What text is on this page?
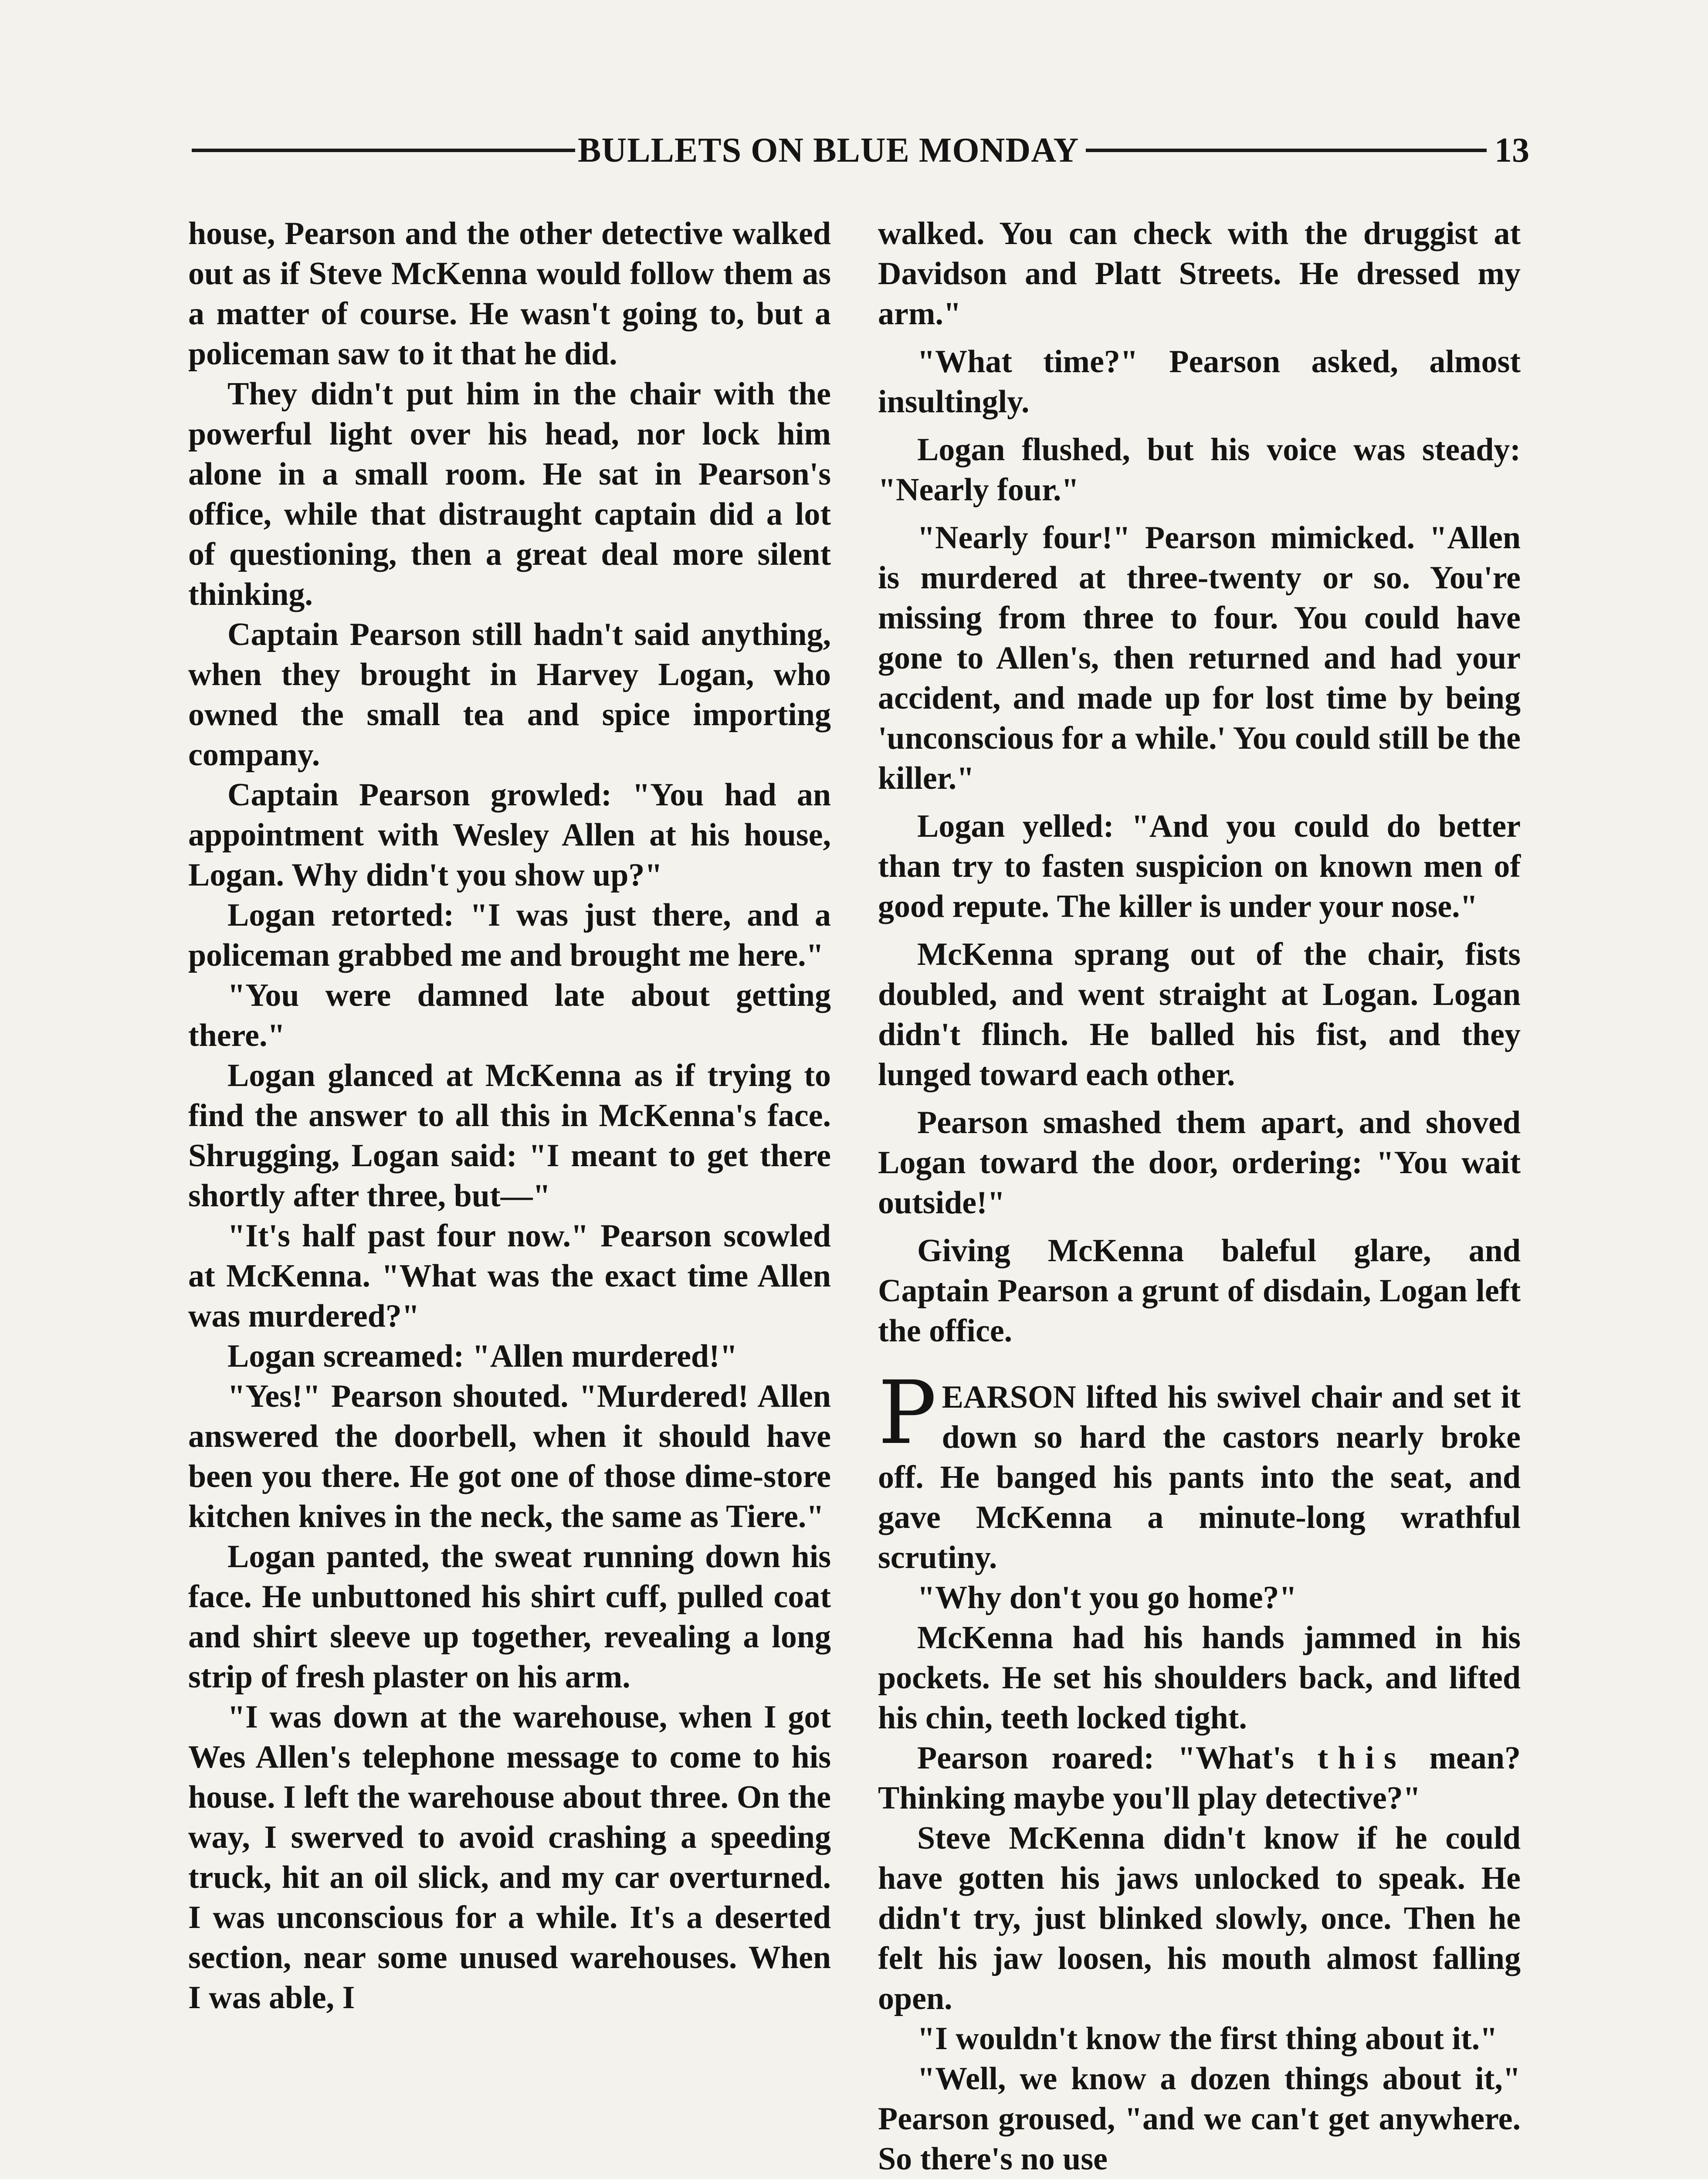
BULLETS ON BLUE MONDAY	13

house, Pearson and the other detective walked out as if Steve McKenna would follow them as a matter of course. He wasn't going to, but a policeman saw to it that he did.

They didn't put him in the chair with the powerful light over his head, nor lock him alone in a small room. He sat in Pearson's office, while that distraught captain did a lot of questioning, then a great deal more silent thinking.

Captain Pearson still hadn't said anything, when they brought in Harvey Logan, who owned the small tea and spice importing company.

Captain Pearson growled: "You had an appointment with Wesley Allen at his house, Logan. Why didn't you show up?"

Logan retorted: "I was just there, and a policeman grabbed me and brought me here."

"You were damned late about getting there."

Logan glanced at McKenna as if trying to find the answer to all this in McKenna's face. Shrugging, Logan said: "I meant to get there shortly after three, but—"

"It's half past four now." Pearson scowled at McKenna. "What was the exact time Allen was murdered?"

Logan screamed: "Allen murdered!"

"Yes!" Pearson shouted. "Murdered! Allen answered the doorbell, when it should have been you there. He got one of those dime-store kitchen knives in the neck, the same as Tiere."

Logan panted, the sweat running down his face. He unbuttoned his shirt cuff, pulled coat and shirt sleeve up together, revealing a long strip of fresh plaster on his arm.

"I was down at the warehouse, when I got Wes Allen's telephone message to come to his house. I left the warehouse about three. On the way, I swerved to avoid crashing a speeding truck, hit an oil slick, and my car overturned. I was unconscious for a while. It's a deserted section, near some unused warehouses. When I was able, I

walked. You can check with the druggist at Davidson and Platt Streets. He dressed my arm."

"What time?" Pearson asked, almost insultingly.

Logan flushed, but his voice was steady: "Nearly four."

"Nearly four!" Pearson mimicked. "Allen is murdered at three-twenty or so. You're missing from three to four. You could have gone to Allen's, then returned and had your accident, and made up for lost time by being 'unconscious for a while.' You could still be the killer."

Logan yelled: "And you could do better than try to fasten suspicion on known men of good repute. The killer is under your nose."

McKenna sprang out of the chair, fists doubled, and went straight at Logan. Logan didn't flinch. He balled his fist, and they lunged toward each other.

Pearson smashed them apart, and shoved Logan toward the door, ordering: "You wait outside!"

Giving McKenna baleful glare, and Captain Pearson a grunt of disdain, Logan left the office.

PEARSON lifted his swivel chair and set it down so hard the castors nearly broke off. He banged his pants into the seat, and gave McKenna a minute-long wrathful scrutiny.

"Why don't you go home?"

McKenna had his hands jammed in his pockets. He set his shoulders back, and lifted his chin, teeth locked tight.

Pearson roared: "What's this mean? Thinking maybe you'll play detective?"

Steve McKenna didn't know if he could have gotten his jaws unlocked to speak. He didn't try, just blinked slowly, once. Then he felt his jaw loosen, his mouth almost falling open.

"I wouldn't know the first thing about it."

"Well, we know a dozen things about it," Pearson groused, "and we can't get anywhere. So there's no use
